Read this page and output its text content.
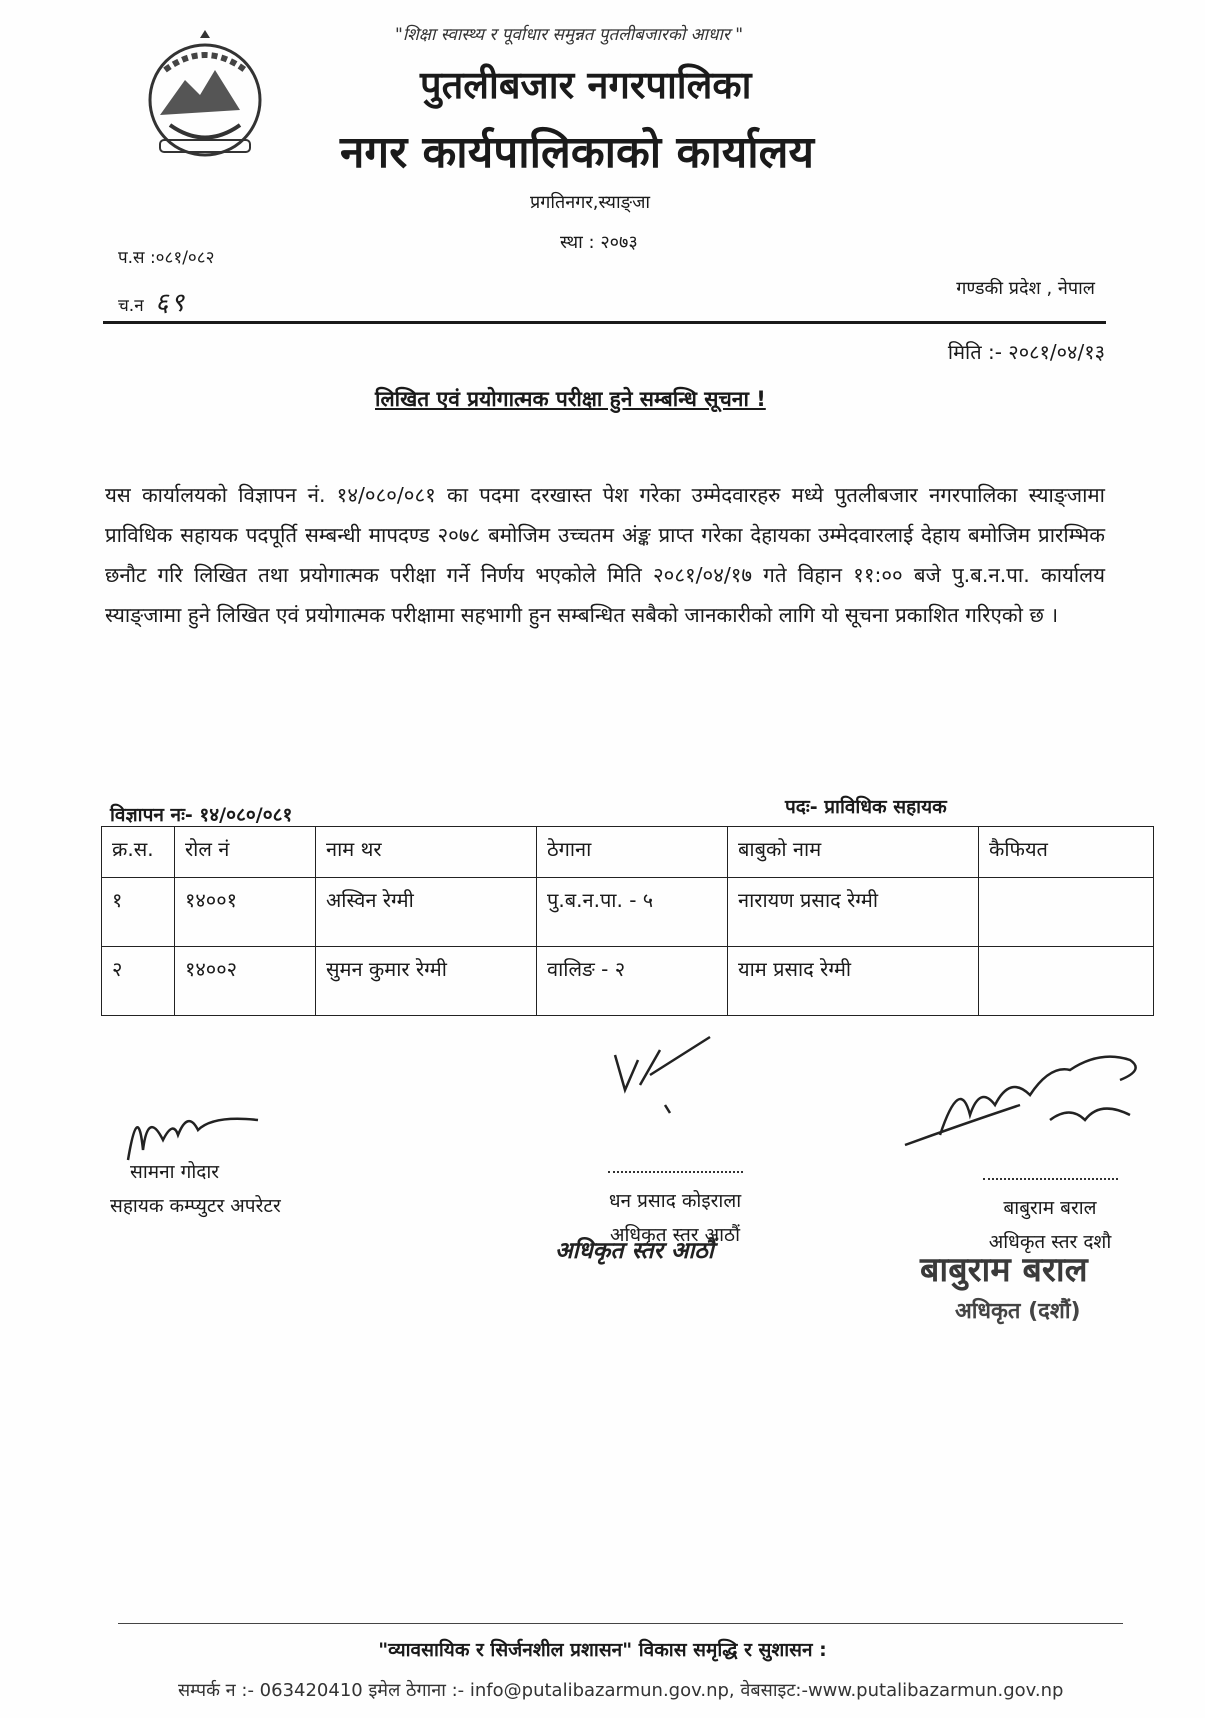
"शिक्षा स्वास्थ्य र पूर्वाधार समुन्नत पुतलीबजारको आधार "
पुतलीबजार नगरपालिका
नगर कार्यपालिकाको कार्यालय
प्रगतिनगर,स्याङ्जा
स्था : २०७३
प.स :०८१/०८२
च.न ६९	गण्डकी प्रदेश , नेपाल
मिति :- २०८१/०४/१३
लिखित एवं प्रयोगात्मक परीक्षा हुने सम्बन्धि सूचना !
यस कार्यालयको विज्ञापन नं. १४/०८०/०८१ का पदमा दरखास्त पेश गरेका उम्मेदवारहरु मध्ये पुतलीबजार नगरपालिका स्याङ्जामा प्राविधिक सहायक पदपूर्ति सम्बन्धी मापदण्ड २०७८ बमोजिम उच्चतम अंङ्क प्राप्त गरेका देहायका उम्मेदवारलाई देहाय बमोजिम प्रारम्भिक छनौट गरि लिखित तथा प्रयोगात्मक परीक्षा गर्ने निर्णय भएकोले मिति २०८१/०४/१७ गते विहान ११:०० बजे पु.ब.न.पा. कार्यालय स्याङ्जामा हुने लिखित एवं प्रयोगात्मक परीक्षामा सहभागी हुन सम्बन्धित सबैको जानकारीको लागि यो सूचना प्रकाशित गरिएको छ ।
विज्ञापन नः- १४/०८०/०८१	पदः- प्राविधिक सहायक
क्र.स.	रोल नं	नाम थर	ठेगाना	बाबुको नाम	कैफियत
१	१४००१	अस्विन रेग्मी	पु.ब.न.पा. - ५	नारायण प्रसाद रेग्मी	
२	१४००२	सुमन कुमार रेग्मी	वालिङ - २	याम प्रसाद रेग्मी	
सामना गोदार
सहायक कम्प्युटर अपरेटर	धन प्रसाद कोइराला
अधिकृत स्तर आठौं
बाबुराम बराल
अधिकृत स्तर दशौ
अधिकृत स्तर आठौं	बाबुराम बराल
अधिकृत (दशौं)
"व्यावसायिक र सिर्जनशील प्रशासन" विकास समृद्धि र सुशासन :
सम्पर्क न :- 063420410 इमेल ठेगाना :- info@putalibazarmun.gov.np, वेबसाइट:-www.putalibazarmun.gov.np
